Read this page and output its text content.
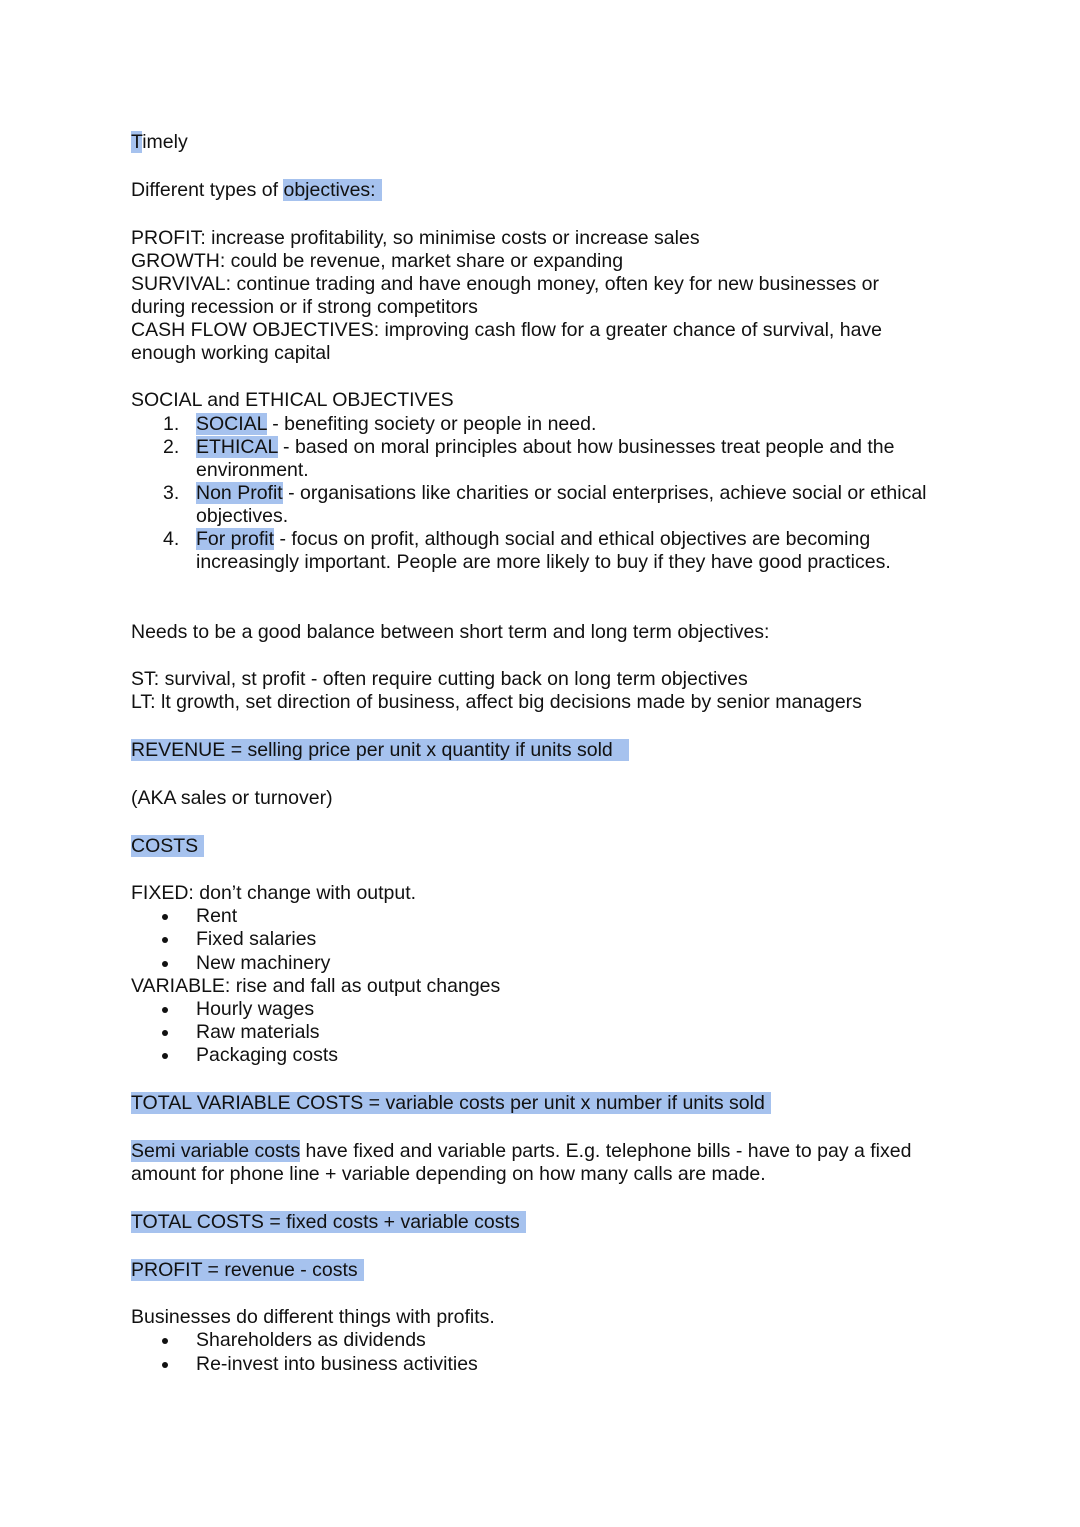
Timely

Different types of objectives:

PROFIT: increase profitability, so minimise costs or increase sales

GROWTH: could be revenue, market share or expanding

SURVIVAL: continue trading and have enough money, often key for new businesses or

during recession or if strong competitors

CASH FLOW OBJECTIVES: improving cash flow for a greater chance of survival, have

enough working capital

SOCIAL and ETHICAL OBJECTIVES

1. SOCIAL - benefiting society or people in need.

2. ETHICAL - based on moral principles about how businesses treat people and the

environment.

3. Non Profit - organisations like charities or social enterprises, achieve social or ethical

objectives.

4. For profit - focus on profit, although social and ethical objectives are becoming

increasingly important. People are more likely to buy if they have good practices.

Needs to be a good balance between short term and long term objectives:

ST: survival, st profit - often require cutting back on long term objectives

LT: lt growth, set direction of business, affect big decisions made by senior managers

REVENUE = selling price per unit x quantity if units sold

(AKA sales or turnover)

COSTS

FIXED: don’t change with output.

Rent

Fixed salaries

New machinery

VARIABLE: rise and fall as output changes

Hourly wages

Raw materials

Packaging costs

TOTAL VARIABLE COSTS = variable costs per unit x number if units sold

Semi variable costs have fixed and variable parts. E.g. telephone bills - have to pay a fixed

amount for phone line + variable depending on how many calls are made.

TOTAL COSTS = fixed costs + variable costs

PROFIT = revenue - costs

Businesses do different things with profits.

Shareholders as dividends

Re-invest into business activities
